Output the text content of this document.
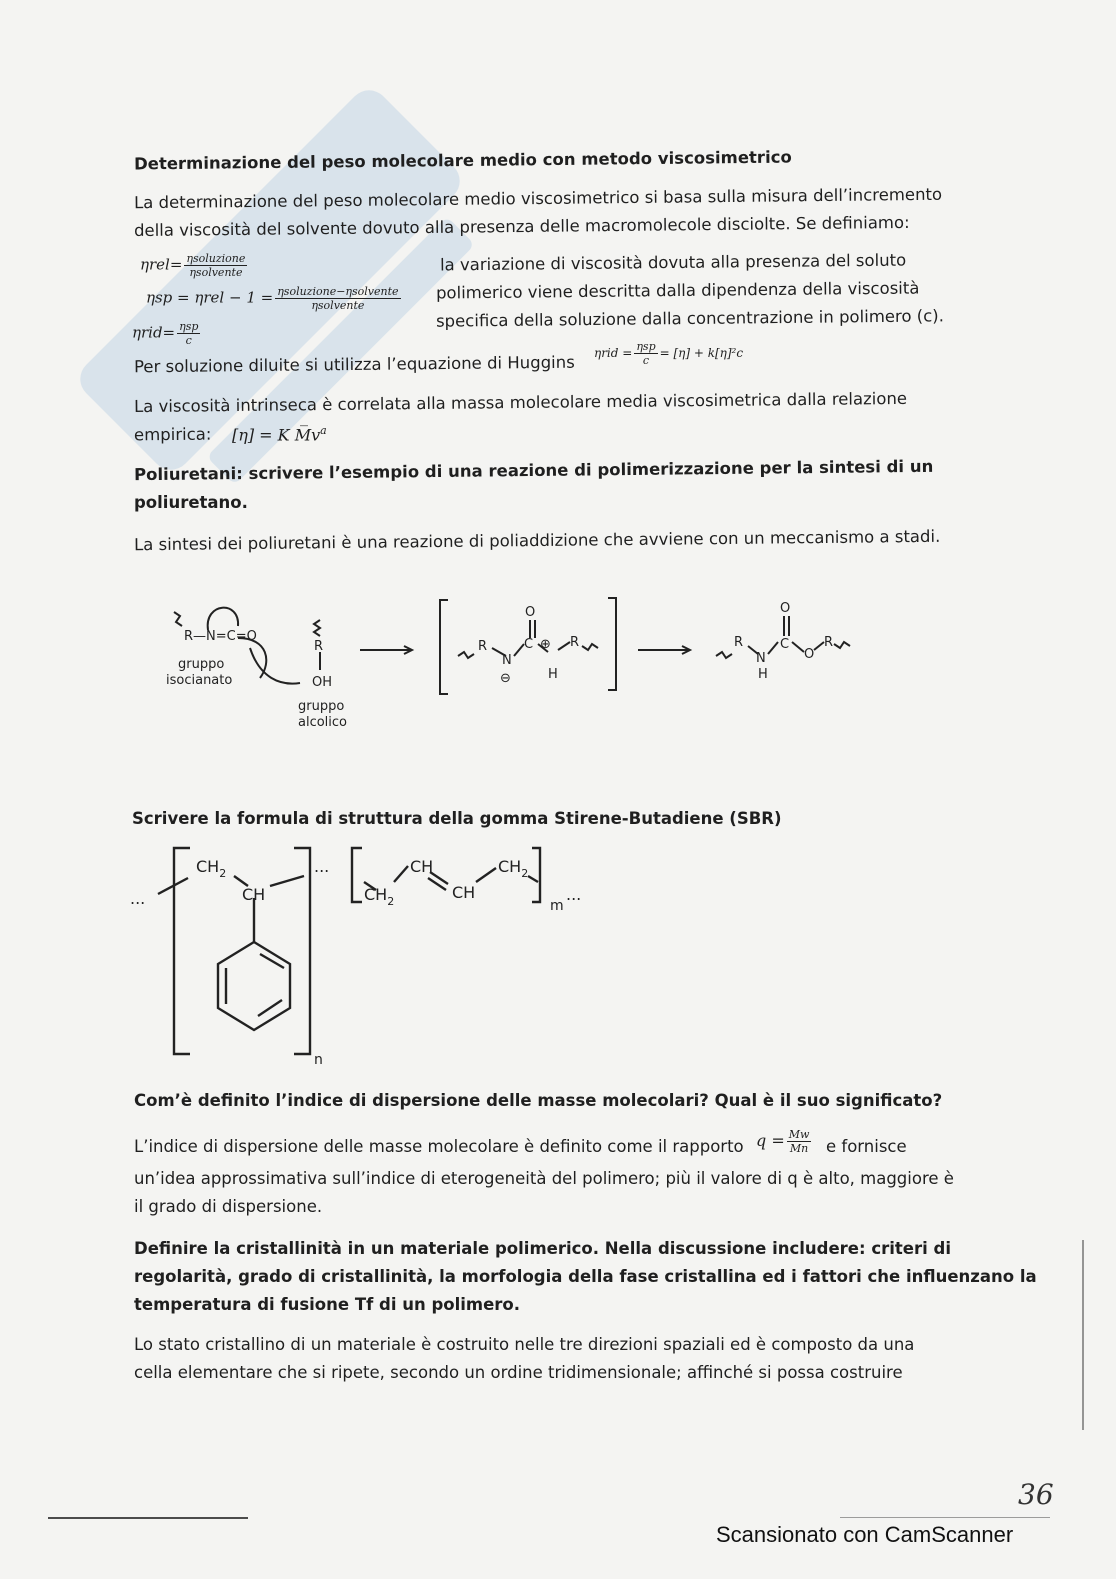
Determinazione del peso molecolare medio con metodo viscosimetrico
La determinazione del peso molecolare medio viscosimetrico si basa sulla misura dell’incremento
della viscosità del solvente dovuto alla presenza delle macromolecole disciolte. Se definiamo:
$\eta rel= \frac{\text{ηsoluzione}}{\text{ηsolvente}}$
$\eta sp = \eta rel - 1 = \frac{\text{ηsoluzione−ηsolvente}}{\text{ηsolvente}}$
$\eta rid= \frac{\text{ηsp}}{c}$
la variazione di viscosità dovuta alla presenza del soluto
polimerico viene descritta dalla dipendenza della viscosità
specifica della soluzione dalla concentrazione in polimero (c).
Per soluzione diluite si utilizza l’equazione di Huggins $\eta rid = \frac{\text{ηsp}}{c} = [\eta] + k[\eta]^2c$
La viscosità intrinseca è correlata alla massa molecolare media viscosimetrica dalla relazione
empirica: [η] = K $M̅v^a$
Poliuretani: scrivere l’esempio di una reazione di polimerizzazione per la sintesi di un
poliuretano.
La sintesi dei poliuretani è una reazione di poliaddizione che avviene con un meccanismo a stadi.
R—N=C=O
gruppo
isocianato
R
OH
gruppo
alcolico
R
N
O
C ⊕ R
⊖	H
R
N
H
O
C
O
R
Scrivere la formula di struttura della gomma Stirene-Butadiene (SBR)
...
$CH_2$
CH
n
...
$CH_2$
CH
CH
$CH_2$
m
...
Com’è definito l’indice di dispersione delle masse molecolari? Qual è il suo significato?
L’indice di dispersione delle masse molecolare è definito come il rapporto $q = \frac{Mw}{Mn}$ e fornisce
un’idea approssimativa sull’indice di eterogeneità del polimero; più il valore di q è alto, maggiore è
il grado di dispersione.
Definire la cristallinità in un materiale polimerico. Nella discussione includere: criteri di
regolarità, grado di cristallinità, la morfologia della fase cristallina ed i fattori che influenzano la
temperatura di fusione Tf di un polimero.
Lo stato cristallino di un materiale è costruito nelle tre direzioni spaziali ed è composto da una
cella elementare che si ripete, secondo un ordine tridimensionale; affinché si possa costruire
36
Scansionato con CamScanner
